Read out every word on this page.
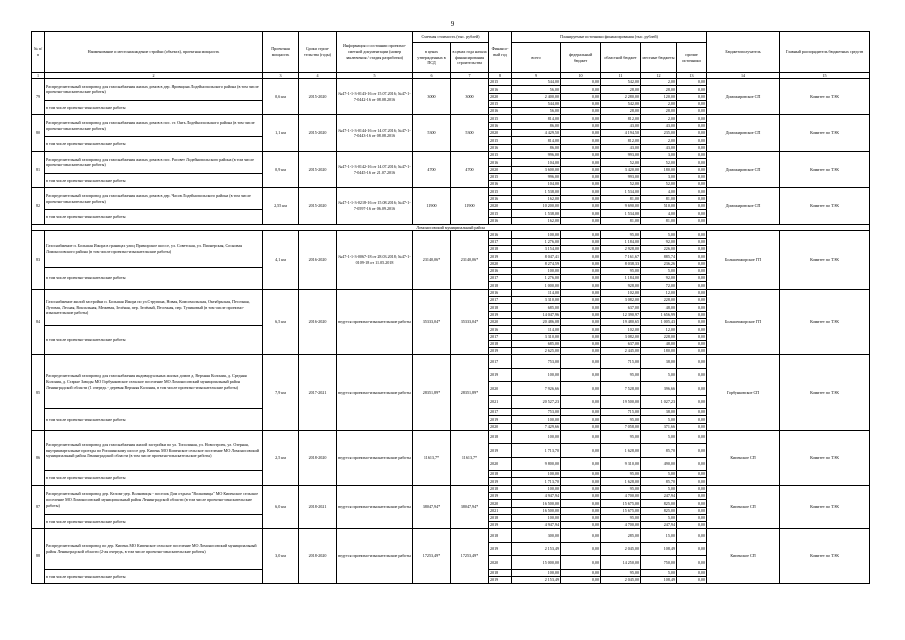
9
№ п/п	Наименование и местонахождение стройки (объекта), проектная мощность	Проектная мощность	Сроки строи-тельства (годы)	Информация о состоянии проектно-сметной документации (номер заключения / стадия разработки)	Сметная стоимость (тыс. рублей)		Финансо-вый год	Планируемые источники финансирования (тыс. рублей)					Бюджетополучатель	Главный распорядитель бюджетных средств
					в ценах утвержденных в ПСД	в ценах года начала финансирования строительства		всего	федеральный бюджет	областной бюджет	местные бюджеты	прочие источники		
1	2	3	4	5	6	7	8	9	10	11	12	13	14	15
79	Распределительный газопровод для газоснабжения жилых домов в дер. Яровщина Лодейнопольского района (в том числе проектно-изыскательские работы)	0,6 км	2015-2020	№47-1-1-3-0143-16 от 15.07.2016; №47-1-7-0442-16 от 08.08.2016	3000	3000	2015	544,00	0,00	542,00	2,00	0,00	Доможировское СП	Комитет по ТЭК
							2016	56,00	0,00	28,00	28,00	0,00		
							2020	2 400,00	0,00	2 280,00	120,00	0,00		
	в том числе проектно-изыскательские работы						2015	544,00	0,00	542,00	2,00	0,00		
							2016	56,00	0,00	28,00	28,00	0,00		
80	Распределительный газопровод для газоснабжения жилых домов в пос. ст. Оять Лодейнопольского района (в том числе проектно-изыскательские работы)	1,1 км	2015-2020	№47-1-1-3-0144-16 от 14.07.2016; №47-1-7-0443-16 от 08.08.2016	5300	5300	2015	814,00	0,00	812,00	2,00	0,00	Доможировское СП	Комитет по ТЭК
							2016	86,00	0,00	43,00	43,00	0,00		
							2020	4 429,50	0,00	4 194,50	235,00	0,00		
	в том числе проектно-изыскательские работы						2015	814,00	0,00	812,00	2,00	0,00		
							2016	86,00	0,00	43,00	43,00	0,00		
81	Распределительный газопровод для газоснабжения жилых домов в пос. Рассвет Лодейнопольского района (в том числе проектно-изыскательские работы)	0,9 км	2015-2020	№47-1-1-3-0142-16 от 14.07.2016; №47-1-7-0445-16 от 21.07.2016	4700	4700	2015	996,00	0,00	993,00	3,00	0,00	Доможировское СП	Комитет по ТЭК
							2016	104,00	0,00	52,00	52,00	0,00		
							2020	3 600,00	0,00	3 420,00	180,00	0,00		
	в том числе проектно-изыскательские работы						2015	996,00	0,00	993,00	3,00	0,00		
							2016	104,00	0,00	52,00	52,00	0,00		
82	Распределительный газопровод для газоснабжения жилых домов в дер. Часов Лодейнопольского района (в том числе проектно-изыскательские работы)	2,55 км	2015-2020	№47-1-1-3-0218-16 от 15.08.2016; №47-1-7-0597-16 от 06.09.2016	11900	11900	2015	1 538,00	0,00	1 534,00	4,00	0,00	Доможировское СП	Комитет по ТЭК
							2016	162,00	0,00	81,00	81,00	0,00		
							2020	10 200,00	0,00	9 690,00	510,00	0,00		
	в том числе проектно-изыскательские работы						2015	1 538,00	0,00	1 534,00	4,00	0,00		
							2016	162,00	0,00	81,00	81,00	0,00		
Ломоносовский муниципальный район														
83	Газоснабжение п. Большая Ижора в границах улиц Приморское шоссе, ул. Советская, ул. Пионерская, Сосновая Ломоносовского района (в том числе проектно-изыскательские работы)	4,1 км	2016-2020	№47-1-1-3-0067-18 от 28.03.2018; №47-1-0109-18 от 11.05.2018	23140,06*	23140,06*	2016	100,00	0,00	95,00	5,00	0,00	Большеижорское ГП	Комитет по ТЭК
							2017	1 276,00	0,00	1 184,00	92,00	0,00		
							2018	3 154,00	0,00	2 928,00	226,00	0,00		
							2019	8 047,41	0,00	7 161,67	885,74	0,00		
							2020	8 274,59	0,00	8 038,33	236,26	0,00		
	в том числе проектно-изыскательские работы						2016	100,00	0,00	95,00	5,00	0,00		
							2017	1 276,00	0,00	1 184,00	92,00	0,00		
							2018	1 000,00	0,00	928,00	72,00	0,00		
84	Газоснабжение жилой застройки п. Большая Ижора по ул.Струпина, Новая, Комсомольская, Октябрьская, Песочная, Луговая, Лесная, Вокзальная, Межевая, Зелёная, пер. Зелёный, Песочная, пер. Тупиковый (в том числе проектно-изыскательские работы)	6,5 км	2016-2020	ведутся проектно-изыскательские работы	35333,04*	35333,04*	2016	114,00	0,00	102,00	12,00	0,00	Большеижорское ГП	Комитет по ТЭК
							2017	3 310,00	0,00	3 082,00	228,00	0,00		
							2018	685,00	0,00	637,00	48,00	0,00		
							2019	14 047,96	0,00	12 390,97	1 656,99	0,00		
							2020	20 486,08	0,00	19 480,65	1 005,43	0,00		
	в том числе проектно-изыскательские работы						2016	114,00	0,00	102,00	12,00	0,00		
							2017	3 310,00	0,00	3 082,00	228,00	0,00		
							2018	685,00	0,00	637,00	48,00	0,00		
							2019	2 625,00	0,00	2 445,00	180,00	0,00		
85	Распределительный газопровод для газоснабжения индивидуальных жилых домов д. Верхняя Колония, д. Средняя Колония, д. Старые Заводы МО Горбунковское сельское поселение МО Ломоносовский муниципальный район Ленинградской области (1 очередь - деревня Верхняя Колония, в том числе проектно-изыскательские работы)	7,9 км	2017-2021	ведутся проектно-изыскательские работы	28351,89*	28351,89*	2017	753,00	0,00	715,00	38,00	0,00	Горбунковское СП	Комитет по ТЭК
							2019	100,00	0,00	95,00	5,00	0,00		
							2020	7 926,66	0,00	7 528,00	396,66	0,00		
							2021	20 527,23	0,00	19 500,00	1 027,23	0,00		
	в том числе проектно-изыскательские работы						2017	753,00	0,00	715,00	38,00	0,00		
							2019	100,00	0,00	95,00	5,00	0,00		
							2020	7 429,66	0,00	7 058,00	371,66	0,00		
86	Распределительный газопровод для газоснабжения жилой застройки по ул. Тополиная, ул. Новостроек, ул. Озерная, внутриквартальные проезды по Ропшинскому шоссе дер. Кипень МО Кипенское сельское поселение МО Ломоносовский муниципальный район Ленинградской области (в том числе проектно-изыскательские работы)	2,5 км	2018-2020	ведутся проектно-изыскательские работы	11613,7*	11613,7*	2018	100,00	0,00	95,00	5,00	0,00	Кипенское СП	Комитет по ТЭК
							2019	1 713,70	0,00	1 628,00	85,70	0,00		
							2020	9 800,00	0,00	9 310,00	490,00	0,00		
	в том числе проектно-изыскательские работы						2018	100,00	0,00	95,00	5,00	0,00		
							2019	1 713,70	0,00	1 628,00	85,70	0,00		
87	Распределительный газопровод дер. Келози-дер. Волковицы - поселок Дом отдыха "Волковицы" МО Кипенское сельское поселение МО Ломоносовский муниципальный район Ленинградской области (в том числе проектно-изыскательские работы)	6,0 км	2018-2021	ведутся проектно-изыскательские работы	38047,94*	38047,94*	2018	100,00	0,00	95,00	5,00	0,00	Кипенское СП	Комитет по ТЭК
							2019	4 947,94	0,00	4 700,00	247,94	0,00		
							2020	16 500,00	0,00	15 675,00	825,00	0,00		
							2021	16 500,00	0,00	15 675,00	825,00	0,00		
	в том числе проектно-изыскательские работы						2018	100,00	0,00	95,00	5,00	0,00		
							2019	4 947,94	0,00	4 700,00	247,94	0,00		
88	Распределительный газопровод по дер. Кипень МО Кипенское сельское поселение МО Ломоносовский муниципальный район Ленинградской области (2-ая очередь, в том числе проектно-изыскательские работы)	3,0 км	2018-2020	ведутся проектно-изыскательские работы	17253,49*	17253,49*	2018	300,00	0,00	285,00	15,00	0,00	Кипенское СП	Комитет по ТЭК
							2019	2 153,49	0,00	2 045,00	108,49	0,00		
							2020	15 000,00	0,00	14 250,00	750,00	0,00		
	в том числе проектно-изыскательские работы						2018	100,00	0,00	95,00	5,00	0,00		
							2019	2 153,49	0,00	2 045,00	108,49	0,00		
